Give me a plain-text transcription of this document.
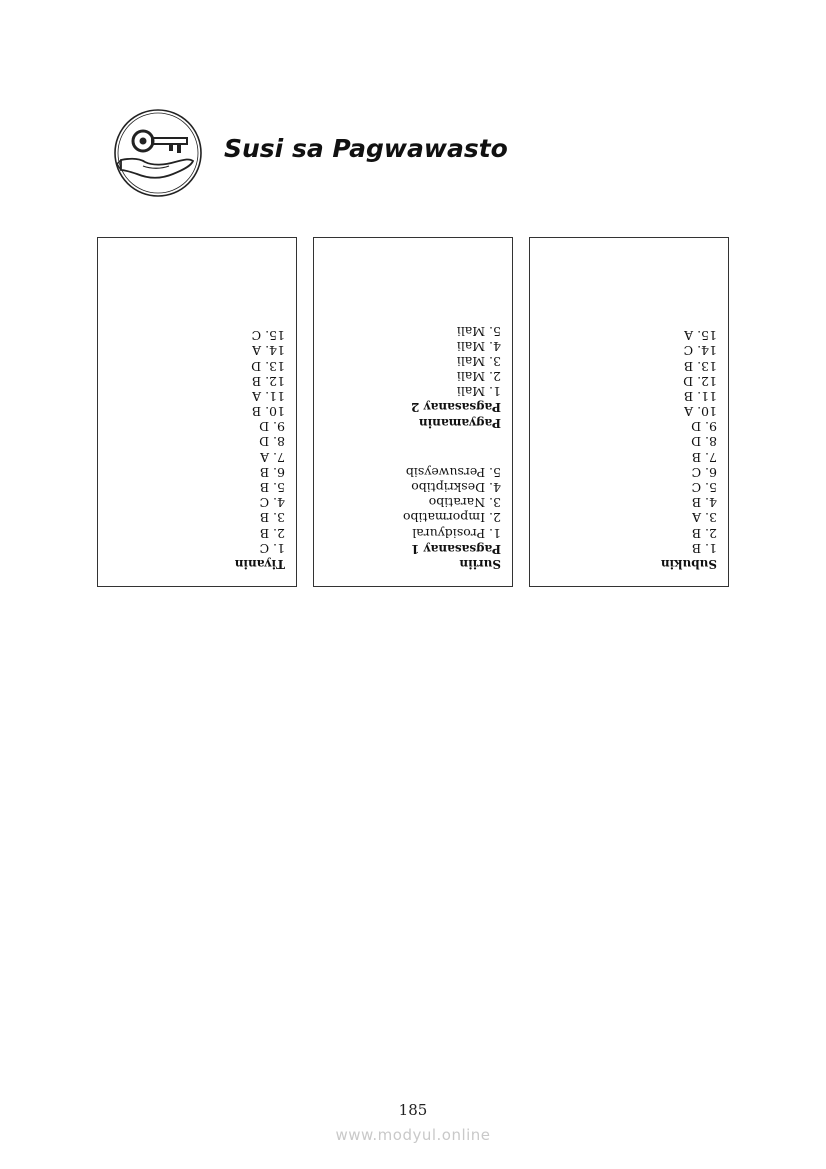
Susi sa Pagwawasto
Tiyanin
1. C
2. B
3. B
4. C
5. B
6. B
7. A
8. D
9. D
10. B
11. A
12. B
13. D
14. A
15. C
Suriin
Pagsasanay 1
1. Prosidyural
2. Impormatibo
3. Naratibo
4. Deskriptibo
5. Persuweysib
Pagyamanin
Pagsasanay 2
1. Mali
2. Mali
3. Mali
4. Mali
5. Mali
Subukin
1. B
2. B
3. A
4. B
5. C
6. C
7. B
8. D
9. D
10. A
11. B
12. D
13. B
14. C
15. A
185
www.modyul.online
